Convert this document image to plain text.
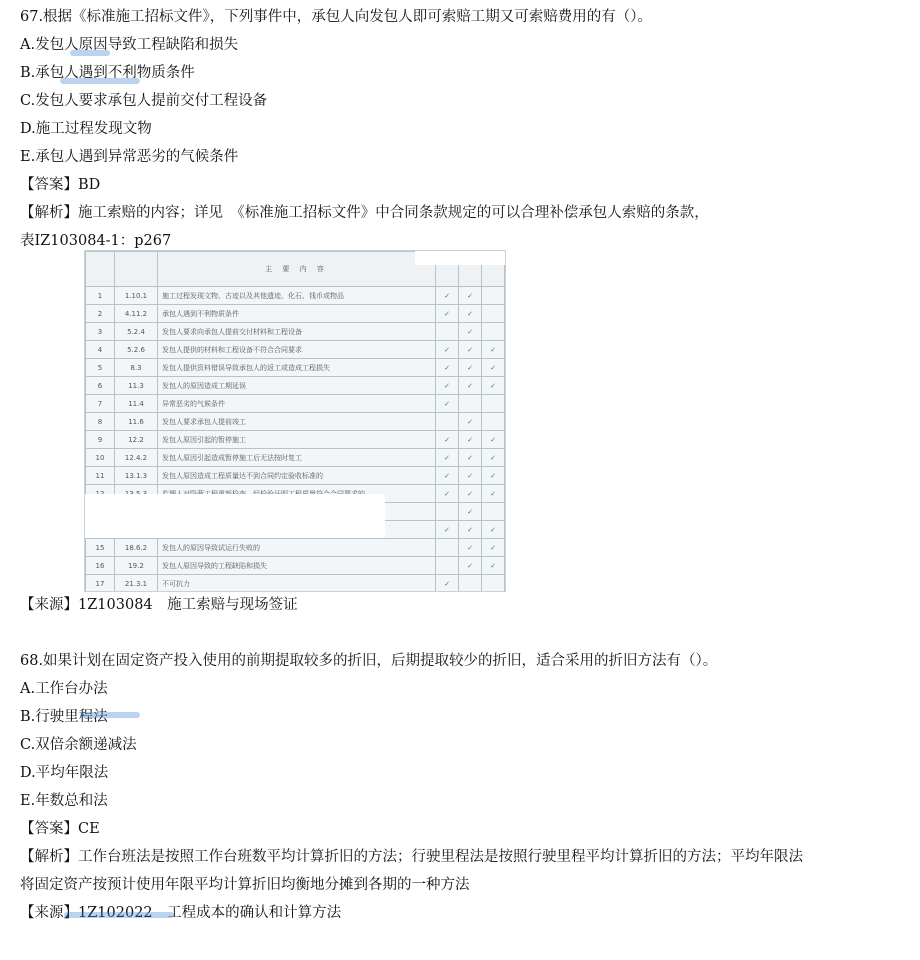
67.根据《标准施工招标文件》，下列事件中，承包人向发包人即可索赔工期又可索赔费用的有（）。
A.发包人原因导致工程缺陷和损失
B.承包人遇到不利物质条件
C.发包人要求承包人提前交付工程设备
D.施工过程发现文物
E.承包人遇到异常恶劣的气候条件
【答案】BD
【解析】施工索赔的内容；详见　《标准施工招标文件》中合同条款规定的可以合理补偿承包人索赔的条款，
表IZ103084-1：p267
		主 要 内 容			
1	1.10.1	施工过程发现文物、古迹以及其他遗迹、化石、钱币或物品	✓	✓	
2	4.11.2	承包人遇到不利物质条件	✓	✓	
3	5.2.4	发包人要求向承包人提前交付材料和工程设备		✓	
4	5.2.6	发包人提供的材料和工程设备不符合合同要求	✓	✓	✓
5	8.3	发包人提供资料错误导致承包人的返工或造成工程损失	✓	✓	✓
6	11.3	发包人的原因造成工期延误	✓	✓	✓
7	11.4	异常恶劣的气候条件	✓		
8	11.6	发包人要求承包人提前竣工		✓	
9	12.2	发包人原因引起的暂停施工	✓	✓	✓
10	12.4.2	发包人原因引起造成暂停施工后无法按时复工	✓	✓	✓
11	13.1.3	发包人原因造成工程质量达不到合同约定验收标准的	✓	✓	✓
			✓	✓	✓
				✓	
			✓	✓	✓
15	18.6.2	发包人的原因导致试运行失败的		✓	✓
16	19.2	发包人原因导致的工程缺陷和损失		✓	✓
17	21.3.1	不可抗力	✓		
【来源】1Z103084　施工索赔与现场签证
68.如果计划在固定资产投入使用的前期提取较多的折旧，后期提取较少的折旧，适合采用的折旧方法有（）。
A.工作台办法
B.行驶里程法
C.双倍余额递减法
D.平均年限法
E.年数总和法
【答案】CE
【解析】工作台班法是按照工作台班数平均计算折旧的方法；行驶里程法是按照行驶里程平均计算折旧的方法；平均年限法
将固定资产按预计使用年限平均计算折旧均衡地分摊到各期的一种方法
【来源】1Z102022　工程成本的确认和计算方法
